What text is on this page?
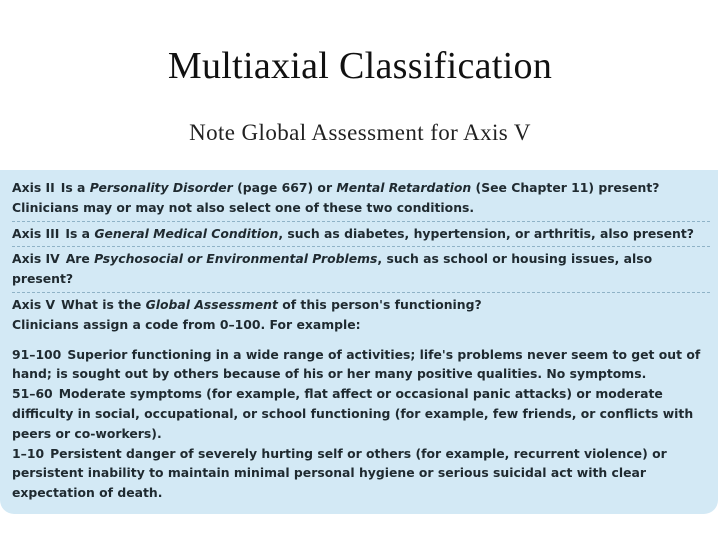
Multiaxial Classification
Note Global Assessment for Axis V
Axis II Is a Personality Disorder (page 667) or Mental Retardation (See Chapter 11) present?
Clinicians may or may not also select one of these two conditions.
Axis III Is a General Medical Condition, such as diabetes, hypertension, or arthritis, also present?
Axis IV Are Psychosocial or Environmental Problems, such as school or housing issues, also present?
Axis V What is the Global Assessment of this person's functioning?
Clinicians assign a code from 0–100. For example:
91–100 Superior functioning in a wide range of activities; life's problems never seem to get out of hand; is sought out by others because of his or her many positive qualities. No symptoms.
51–60 Moderate symptoms (for example, flat affect or occasional panic attacks) or moderate difficulty in social, occupational, or school functioning (for example, few friends, or conflicts with peers or co-workers).
1–10 Persistent danger of severely hurting self or others (for example, recurrent violence) or persistent inability to maintain minimal personal hygiene or serious suicidal act with clear expectation of death.
